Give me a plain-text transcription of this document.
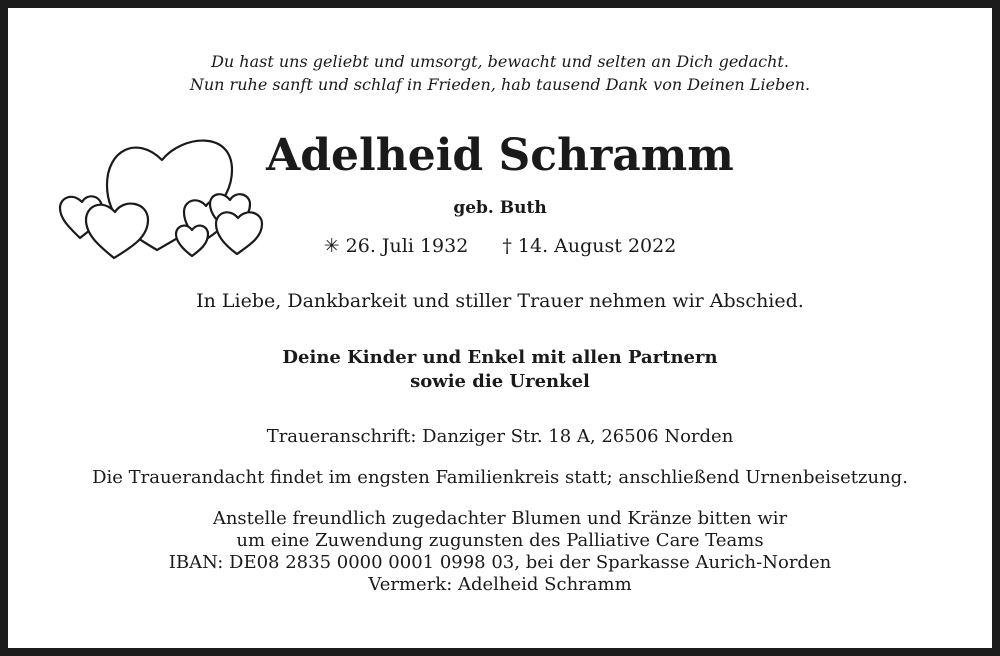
Du hast uns geliebt und umsorgt, bewacht und selten an Dich gedacht.
Nun ruhe sanft und schlaf in Frieden, hab tausend Dank von Deinen Lieben.
Adelheid Schramm
geb. Buth
✳ 26. Juli 1932 † 14. August 2022
In Liebe, Dankbarkeit und stiller Trauer nehmen wir Abschied.
Deine Kinder und Enkel mit allen Partnern
sowie die Urenkel
Traueranschrift: Danziger Str. 18 A, 26506 Norden
Die Trauerandacht findet im engsten Familienkreis statt; anschließend Urnenbeisetzung.
Anstelle freundlich zugedachter Blumen und Kränze bitten wir
um eine Zuwendung zugunsten des Palliative Care Teams
IBAN: DE08 2835 0000 0001 0998 03, bei der Sparkasse Aurich-Norden
Vermerk: Adelheid Schramm
